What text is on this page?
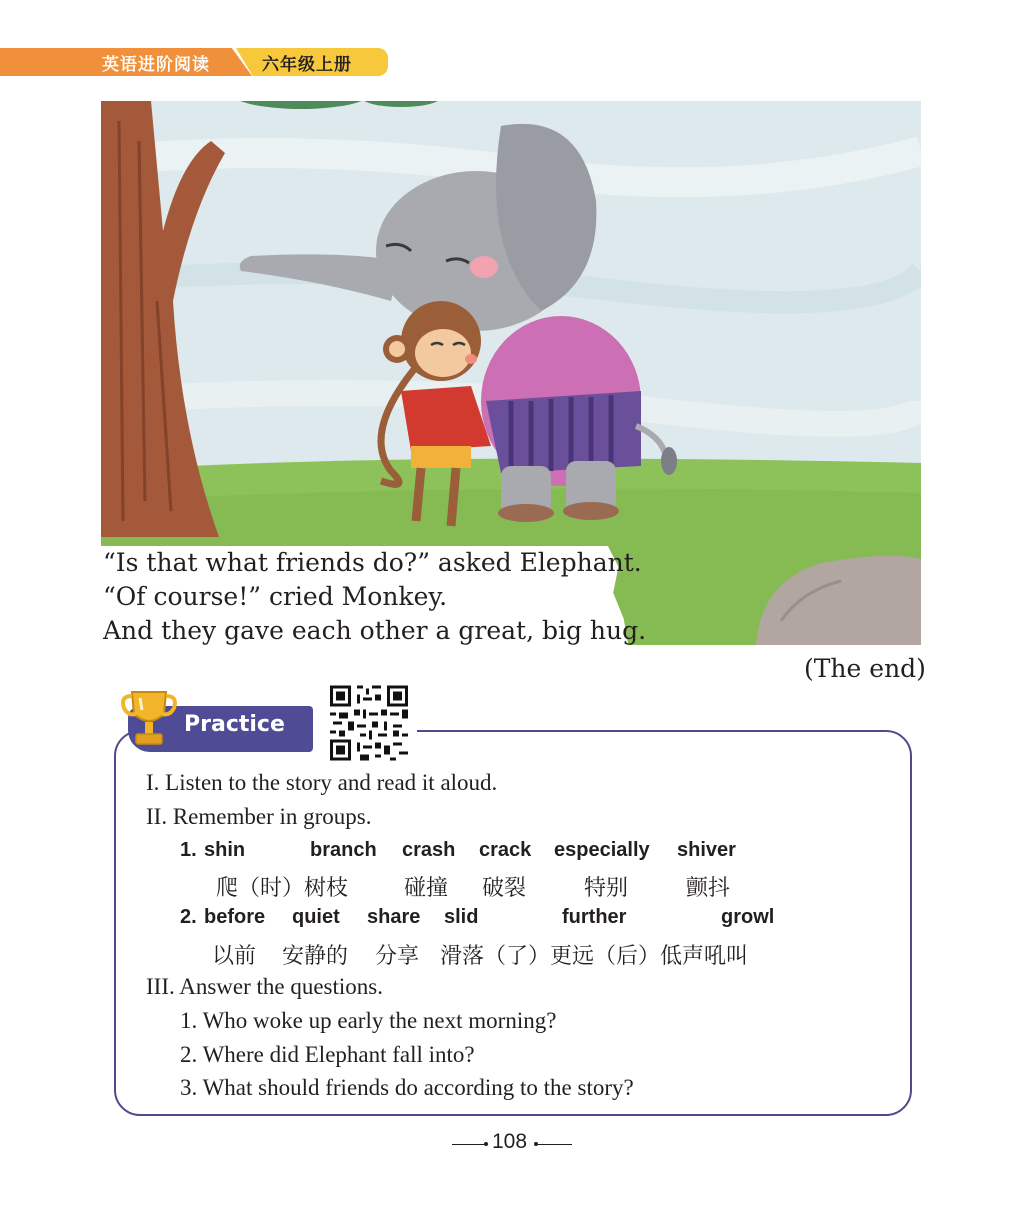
英语进阶阅读	六年级上册
“Is that what friends do?” asked Elephant.
“Of course!” cried Monkey.
And they gave each other a great, big hug.
(The end)
Practice
I. Listen to the story and read it aloud.
II. Remember in groups.
1. shin	branch crash crack especially shiver
爬（时）树枝	碰撞 破裂	特别	颤抖
2. before quiet share slid	further	growl
以前 安静的 分享 滑落（了）更远（后）低声吼叫
III. Answer the questions.
1. Who woke up early the next morning?
2. Where did Elephant fall into?
3. What should friends do according to the story?
108
